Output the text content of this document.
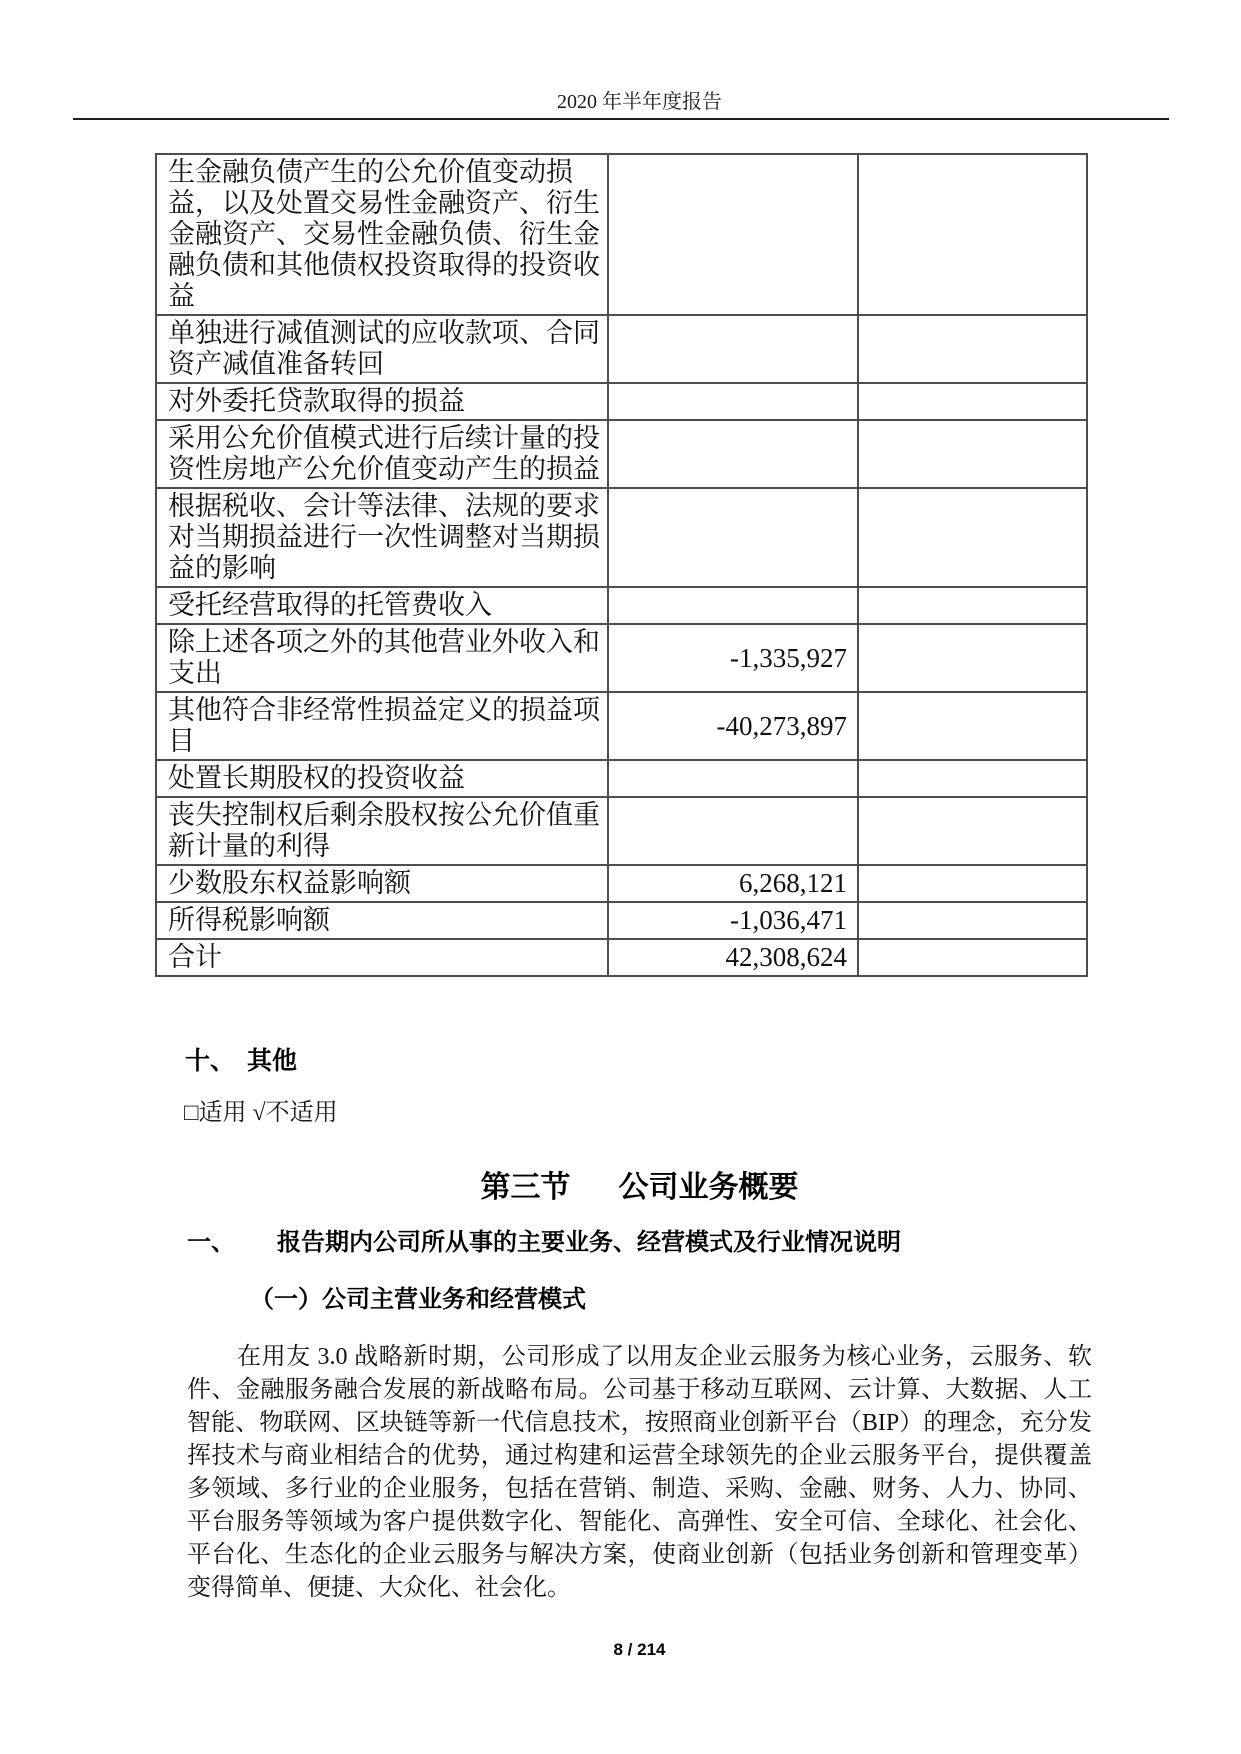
2020 年半年度报告
生金融负债产生的公允价值变动损益，以及处置交易性金融资产、衍生金融资产、交易性金融负债、衍生金融负债和其他债权投资取得的投资收益		
单独进行减值测试的应收款项、合同资产减值准备转回		
对外委托贷款取得的损益		
采用公允价值模式进行后续计量的投资性房地产公允价值变动产生的损益		
根据税收、会计等法律、法规的要求对当期损益进行一次性调整对当期损益的影响		
受托经营取得的托管费收入		
除上述各项之外的其他营业外收入和支出	-1,335,927	
其他符合非经常性损益定义的损益项目	-40,273,897	
处置长期股权的投资收益		
丧失控制权后剩余股权按公允价值重新计量的利得		
少数股东权益影响额	6,268,121	
所得税影响额	-1,036,471	
合计	42,308,624	
十、 其他
□适用 √不适用
第三节 公司业务概要
一、 报告期内公司所从事的主要业务、经营模式及行业情况说明
（一）公司主营业务和经营模式

在用友 3.0 战略新时期，公司形成了以用友企业云服务为核心业务，云服务、软件、金融服务融合发展的新战略布局。公司基于移动互联网、云计算、大数据、人工智能、物联网、区块链等新一代信息技术，按照商业创新平台（BIP）的理念，充分发挥技术与商业相结合的优势，通过构建和运营全球领先的企业云服务平台，提供覆盖多领域、多行业的企业服务，包括在营销、制造、采购、金融、财务、人力、协同、平台服务等领域为客户提供数字化、智能化、高弹性、安全可信、全球化、社会化、平台化、生态化的企业云服务与解决方案，使商业创新（包括业务创新和管理变革）变得简单、便捷、大众化、社会化。

8 / 214
